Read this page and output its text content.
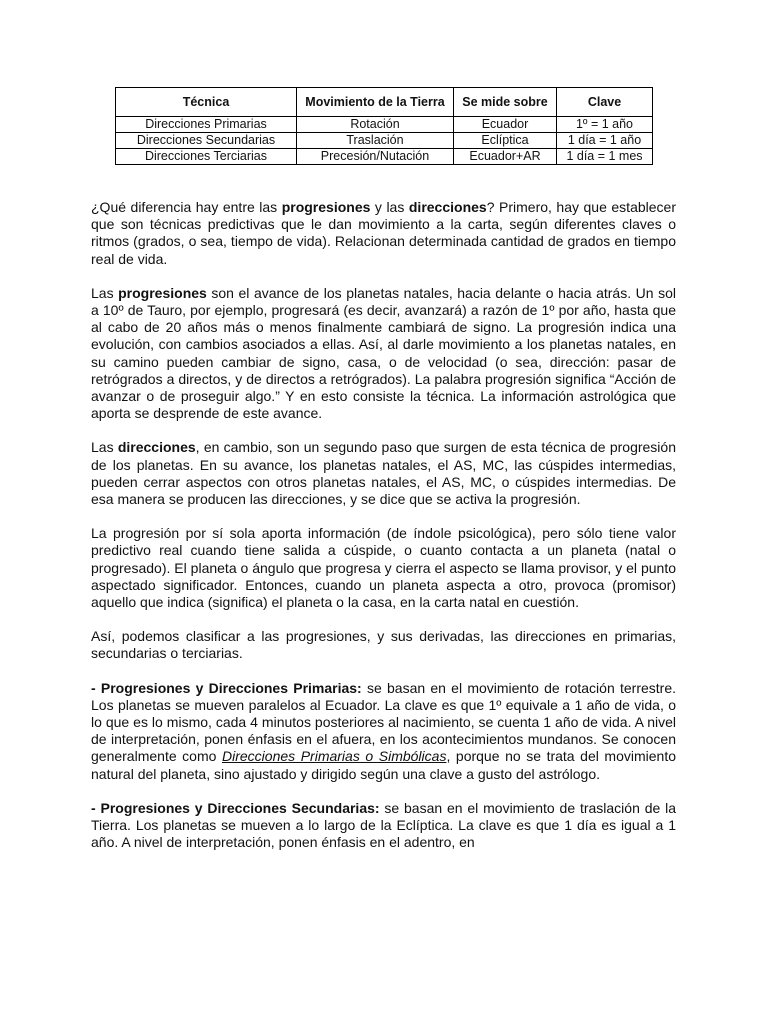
Técnica	Movimiento de la Tierra	Se mide sobre	Clave
Direcciones Primarias	Rotación	Ecuador	1º = 1 año
Direcciones Secundarias	Traslación	Eclíptica	1 día = 1 año
Direcciones Terciarias	Precesión/Nutación	Ecuador+AR	1 día = 1 mes

¿Qué diferencia hay entre las progresiones y las direcciones? Primero, hay que establecer que son técnicas predictivas que le dan movimiento a la carta, según diferentes claves o ritmos (grados, o sea, tiempo de vida). Relacionan determinada cantidad de grados en tiempo real de vida.

Las progresiones son el avance de los planetas natales, hacia delante o hacia atrás. Un sol a 10º de Tauro, por ejemplo, progresará (es decir, avanzará) a razón de 1º por año, hasta que al cabo de 20 años más o menos finalmente cambiará de signo. La progresión indica una evolución, con cambios asociados a ellas. Así, al darle movimiento a los planetas natales, en su camino pueden cambiar de signo, casa, o de velocidad (o sea, dirección: pasar de retrógrados a directos, y de directos a retrógrados). La palabra progresión significa “Acción de avanzar o de proseguir algo.” Y en esto consiste la técnica. La información astrológica que aporta se desprende de este avance.

Las direcciones, en cambio, son un segundo paso que surgen de esta técnica de progresión de los planetas. En su avance, los planetas natales, el AS, MC, las cúspides intermedias, pueden cerrar aspectos con otros planetas natales, el AS, MC, o cúspides intermedias. De esa manera se producen las direcciones, y se dice que se activa la progresión.

La progresión por sí sola aporta información (de índole psicológica), pero sólo tiene valor predictivo real cuando tiene salida a cúspide, o cuanto contacta a un planeta (natal o progresado). El planeta o ángulo que progresa y cierra el aspecto se llama provisor, y el punto aspectado significador. Entonces, cuando un planeta aspecta a otro, provoca (promisor) aquello que indica (significa) el planeta o la casa, en la carta natal en cuestión.

Así, podemos clasificar a las progresiones, y sus derivadas, las direcciones en primarias, secundarias o terciarias.

- Progresiones y Direcciones Primarias: se basan en el movimiento de rotación terrestre. Los planetas se mueven paralelos al Ecuador. La clave es que 1º equivale a 1 año de vida, o lo que es lo mismo, cada 4 minutos posteriores al nacimiento, se cuenta 1 año de vida. A nivel de interpretación, ponen énfasis en el afuera, en los acontecimientos mundanos. Se conocen generalmente como Direcciones Primarias o Simbólicas, porque no se trata del movimiento natural del planeta, sino ajustado y dirigido según una clave a gusto del astrólogo.

- Progresiones y Direcciones Secundarias: se basan en el movimiento de traslación de la Tierra. Los planetas se mueven a lo largo de la Eclíptica. La clave es que 1 día es igual a 1 año. A nivel de interpretación, ponen énfasis en el adentro, en
